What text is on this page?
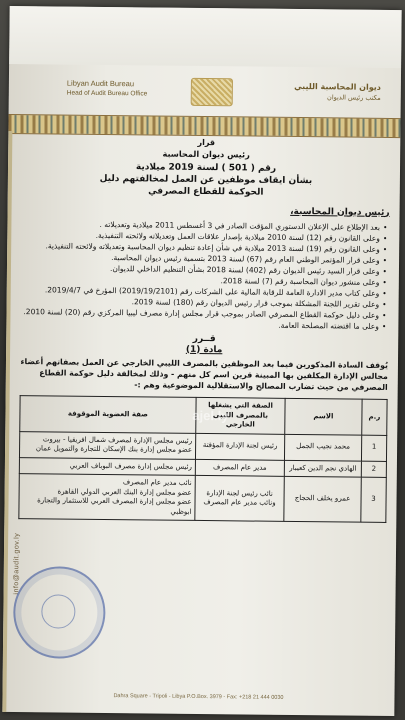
Libyan Audit Bureau
Head of Audit Bureau Office
ديوان المحاسبة الليبي
مكتب رئيس الديوان
info@audit.gov.ly
قرار
رئيس ديوان المحاسبة
رقم ( 501 ) لسنة 2019 ميلادية
بشأن ايقاف موظفين عن العمل لمخالفتهم دليل
الحوكمة للقطاع المصرفي
رئيس ديوان المحاسبة،
• بعد الإطلاع على الإعلان الدستوري المؤقت الصادر في 3 أغسطس 2011 ميلادية وتعديلاته .
• وعلى القانون رقم (12) لسنة 2010 ميلادية بإصدار علاقات العمل وتعديلاته ولائحته التنفيذية.
• وعلى القانون رقم (19) لسنة 2013 ميلادية في شأن إعادة تنظيم ديوان المحاسبة وتعديلاته ولائحته التنفيذية.
• وعلى قرار المؤتمر الوطني العام رقم (67) لسنة 2013 بتسمية رئيس ديوان المحاسبة.
• وعلى قرار السيد رئيس الديوان رقم (402) لسنة 2018 بشأن التنظيم الداخلي للديوان.
• وعلى منشور ديوان المحاسبة رقم (7) لسنة 2018.
• وعلى كتاب مدير الادارة العامة للرقابة المالية على الشركات رقم (2019/19/2101) المؤرخ في 2019/4/7.
• وعلى تقرير اللجنة المشكلة بموجب قرار رئيس الديوان رقم (180) لسنة 2019.
• وعلى دليل حوكمة القطاع المصرفي الصادر بموجب قرار مجلس إدارة مصرف ليبيا المركزي رقم (20) لسنة 2010.
• وعلى ما اقتضته المصلحة العامة.
قــرر
مادة (1)
يُوقف السادة المذكورين فيما بعد الموظفين بالمصرف الليبي الخارجي عن العمل بصفاتهم أعضاء مجالس الإدارة المكلفين بها المبينة قرين اسم كل منهم - وذلك لمخالفة دليل حوكمة القطاع المصرفي من حيث تضارب المصالح والاستقلالية الموضوعية وهم :-
ر.م	الاسم	الصفة التي يشغلها بالمصرف الليبي الخارجي	صفة العضوية الموقوفة
1	محمد نجيب الجمل	رئيس لجنة الإدارة المؤقتة	رئيس مجلس الإدارة لمصرف شمال افريقيا - بيروت
عضو مجلس إدارة بنك الإسكان للتجارة والتمويل عمان

2	الهادي نجم الدين كعيبار	مدير عام المصرف	رئيس مجلس إدارة مصرف البوباف العربي

3	عمرو يخلف الحجاج	نائب رئيس لجنة الإدارة ونائب مدير عام المصرف	نائب مدير عام المصرف
عضو مجلس إدارة البنك العربي الدولي القاهرة
عضو مجلس إدارة المصرف العربي للاستثمار والتجارة ابوظبي
ajel.ly
Dahra Square - Tripoli - Libya P.O.Box. 3979 - Fax: +218 21 444 0030
